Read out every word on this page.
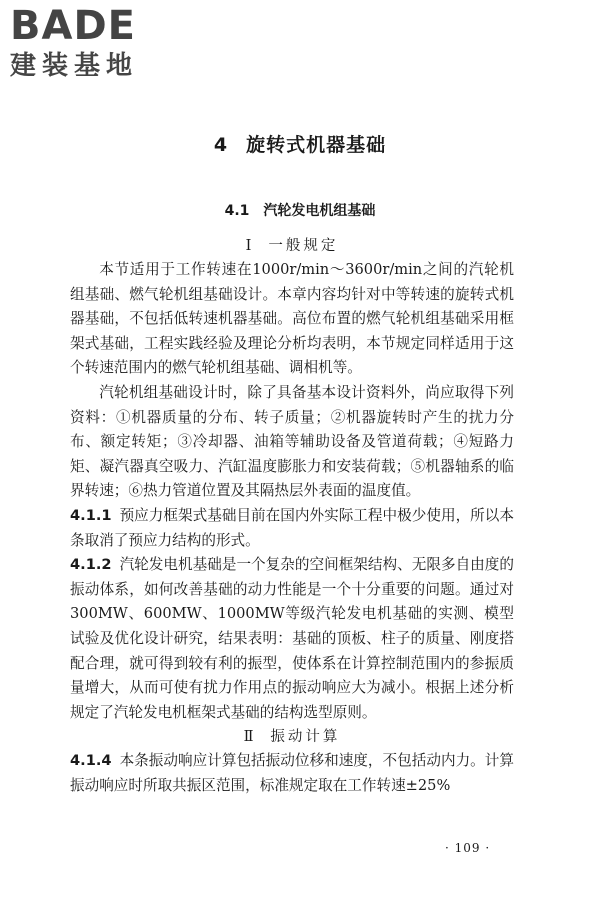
BADE
建装基地
4 旋转式机器基础
4.1 汽轮发电机组基础
Ⅰ 一般规定

本节适用于工作转速在1000r/min～3600r/min之间的汽轮机组基础、燃气轮机组基础设计。本章内容均针对中等转速的旋转式机器基础，不包括低转速机器基础。高位布置的燃气轮机组基础采用框架式基础，工程实践经验及理论分析均表明，本节规定同样适用于这个转速范围内的燃气轮机组基础、调相机等。

汽轮机组基础设计时，除了具备基本设计资料外，尚应取得下列资料：①机器质量的分布、转子质量；②机器旋转时产生的扰力分布、额定转矩；③冷却器、油箱等辅助设备及管道荷载；④短路力矩、凝汽器真空吸力、汽缸温度膨胀力和安装荷载；⑤机器轴系的临界转速；⑥热力管道位置及其隔热层外表面的温度值。

4.1.1 预应力框架式基础目前在国内外实际工程中极少使用，所以本条取消了预应力结构的形式。

4.1.2 汽轮发电机基础是一个复杂的空间框架结构、无限多自由度的振动体系，如何改善基础的动力性能是一个十分重要的问题。通过对300MW、600MW、1000MW等级汽轮发电机基础的实测、模型试验及优化设计研究，结果表明：基础的顶板、柱子的质量、刚度搭配合理，就可得到较有利的振型，使体系在计算控制范围内的参振质量增大，从而可使有扰力作用点的振动响应大为减小。根据上述分析规定了汽轮发电机框架式基础的结构选型原则。

Ⅱ 振动计算

4.1.4 本条振动响应计算包括振动位移和速度，不包括动内力。计算振动响应时所取共振区范围，标准规定取在工作转速±25%

· 109 ·
